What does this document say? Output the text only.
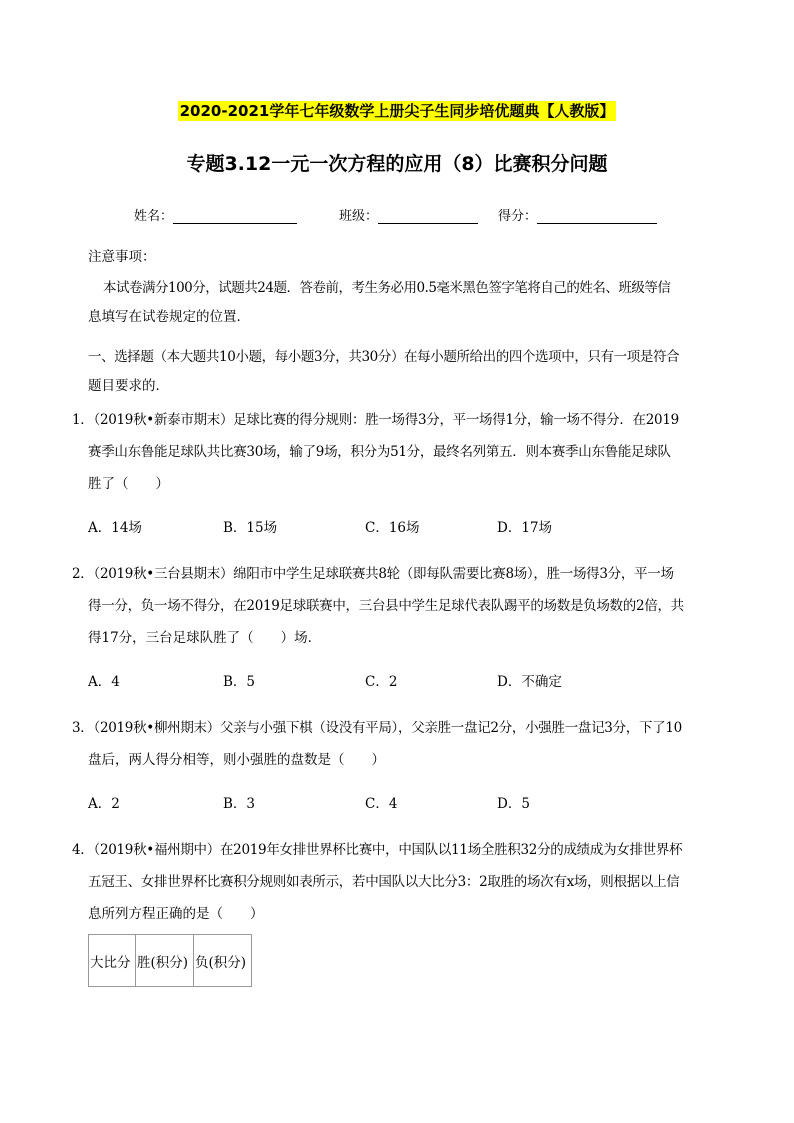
2020-2021学年七年级数学上册尖子生同步培优题典【人教版】
专题3.12一元一次方程的应用（8）比赛积分问题
姓名：	班级：	得分：
注意事项：
本试卷满分100分，试题共24题．答卷前，考生务必用0.5毫米黑色签字笔将自己的姓名、班级等信
息填写在试卷规定的位置．
一、选择题（本大题共10小题，每小题3分，共30分）在每小题所给出的四个选项中，只有一项是符合
题目要求的．
1．（2019秋•新泰市期末）足球比赛的得分规则：胜一场得3分，平一场得1分，输一场不得分．在2019
赛季山东鲁能足球队共比赛30场，输了9场，积分为51分，最终名列第五．则本赛季山东鲁能足球队
胜了（　　）
A．14场	B．15场	C．16场	D．17场
2．（2019秋•三台县期末）绵阳市中学生足球联赛共8轮（即每队需要比赛8场），胜一场得3分，平一场
得一分，负一场不得分，在2019足球联赛中，三台县中学生足球代表队踢平的场数是负场数的2倍，共
得17分，三台足球队胜了（　　）场．
A．4	B．5	C．2	D．不确定
3．（2019秋•柳州期末）父亲与小强下棋（设没有平局），父亲胜一盘记2分，小强胜一盘记3分，下了10
盘后，两人得分相等，则小强胜的盘数是（　　）
A．2	B．3	C．4	D．5
4．（2019秋•福州期中）在2019年女排世界杯比赛中，中国队以11场全胜积32分的成绩成为女排世界杯
五冠王、女排世界杯比赛积分规则如表所示，若中国队以大比分3：2取胜的场次有x场，则根据以上信
息所列方程正确的是（　　）
大比分	胜(积分)	负(积分)
